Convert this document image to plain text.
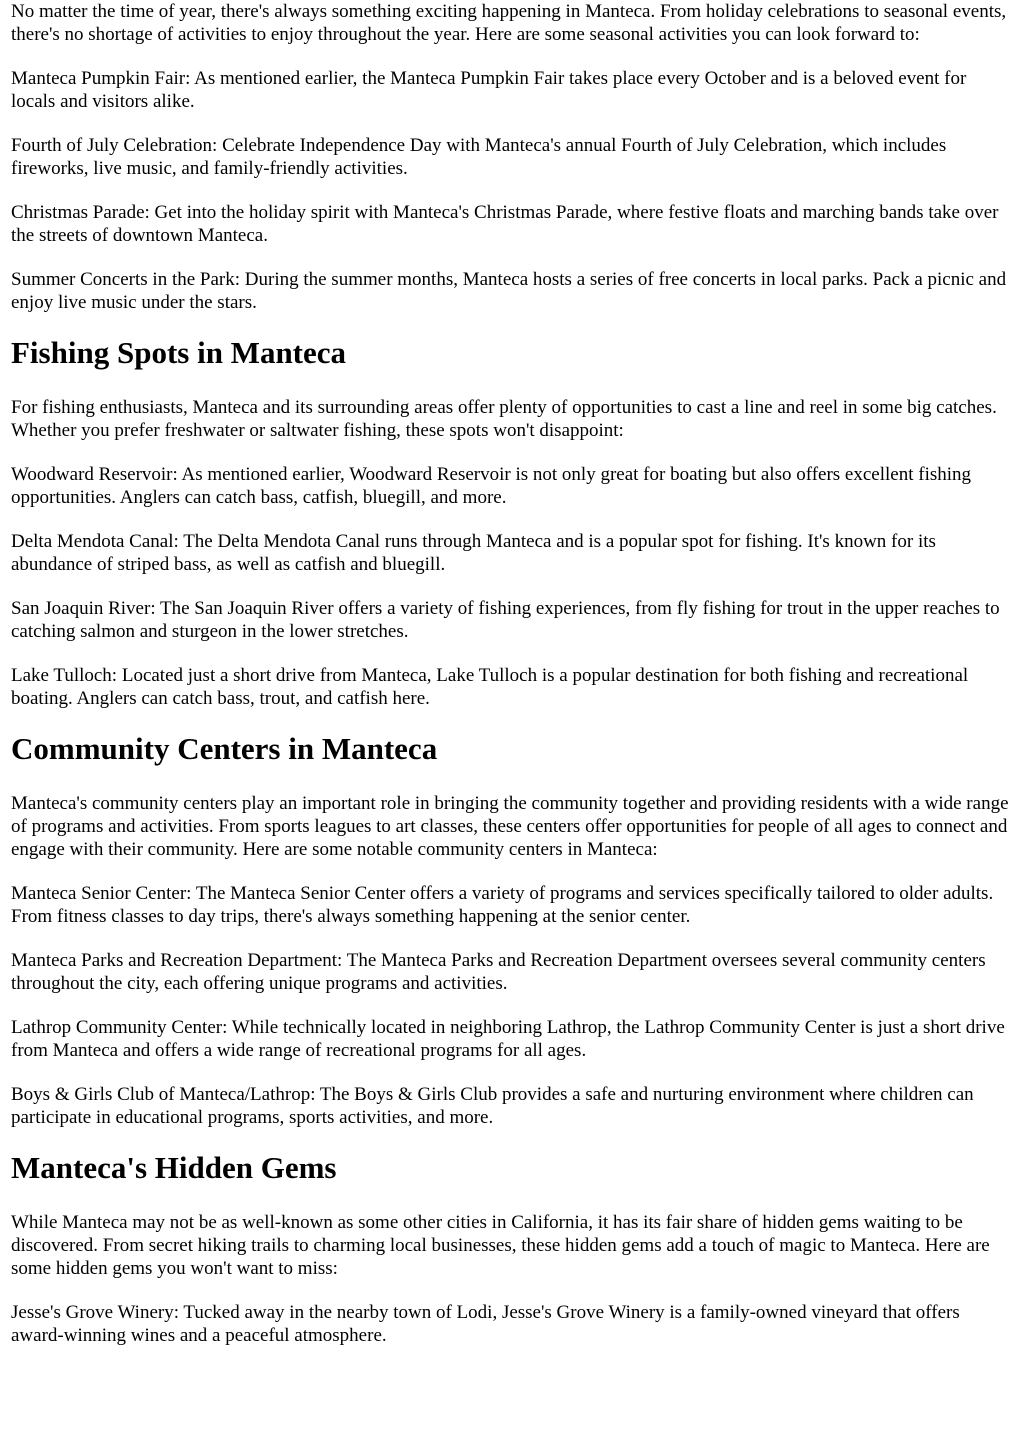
No matter the time of year, there's always something exciting happening in Manteca. From holiday celebrations to seasonal events, there's no shortage of activities to enjoy throughout the year. Here are some seasonal activities you can look forward to:

Manteca Pumpkin Fair: As mentioned earlier, the Manteca Pumpkin Fair takes place every October and is a beloved event for locals and visitors alike.

Fourth of July Celebration: Celebrate Independence Day with Manteca's annual Fourth of July Celebration, which includes fireworks, live music, and family-friendly activities.

Christmas Parade: Get into the holiday spirit with Manteca's Christmas Parade, where festive floats and marching bands take over the streets of downtown Manteca.

Summer Concerts in the Park: During the summer months, Manteca hosts a series of free concerts in local parks. Pack a picnic and enjoy live music under the stars.

Fishing Spots in Manteca

For fishing enthusiasts, Manteca and its surrounding areas offer plenty of opportunities to cast a line and reel in some big catches. Whether you prefer freshwater or saltwater fishing, these spots won't disappoint:

Woodward Reservoir: As mentioned earlier, Woodward Reservoir is not only great for boating but also offers excellent fishing opportunities. Anglers can catch bass, catfish, bluegill, and more.

Delta Mendota Canal: The Delta Mendota Canal runs through Manteca and is a popular spot for fishing. It's known for its abundance of striped bass, as well as catfish and bluegill.

San Joaquin River: The San Joaquin River offers a variety of fishing experiences, from fly fishing for trout in the upper reaches to catching salmon and sturgeon in the lower stretches.

Lake Tulloch: Located just a short drive from Manteca, Lake Tulloch is a popular destination for both fishing and recreational boating. Anglers can catch bass, trout, and catfish here.

Community Centers in Manteca

Manteca's community centers play an important role in bringing the community together and providing residents with a wide range of programs and activities. From sports leagues to art classes, these centers offer opportunities for people of all ages to connect and engage with their community. Here are some notable community centers in Manteca:

Manteca Senior Center: The Manteca Senior Center offers a variety of programs and services specifically tailored to older adults. From fitness classes to day trips, there's always something happening at the senior center.

Manteca Parks and Recreation Department: The Manteca Parks and Recreation Department oversees several community centers throughout the city, each offering unique programs and activities.

Lathrop Community Center: While technically located in neighboring Lathrop, the Lathrop Community Center is just a short drive from Manteca and offers a wide range of recreational programs for all ages.

Boys & Girls Club of Manteca/Lathrop: The Boys & Girls Club provides a safe and nurturing environment where children can participate in educational programs, sports activities, and more.

Manteca's Hidden Gems

While Manteca may not be as well-known as some other cities in California, it has its fair share of hidden gems waiting to be discovered. From secret hiking trails to charming local businesses, these hidden gems add a touch of magic to Manteca. Here are some hidden gems you won't want to miss:

Jesse's Grove Winery: Tucked away in the nearby town of Lodi, Jesse's Grove Winery is a family-owned vineyard that offers award-winning wines and a peaceful atmosphere.
